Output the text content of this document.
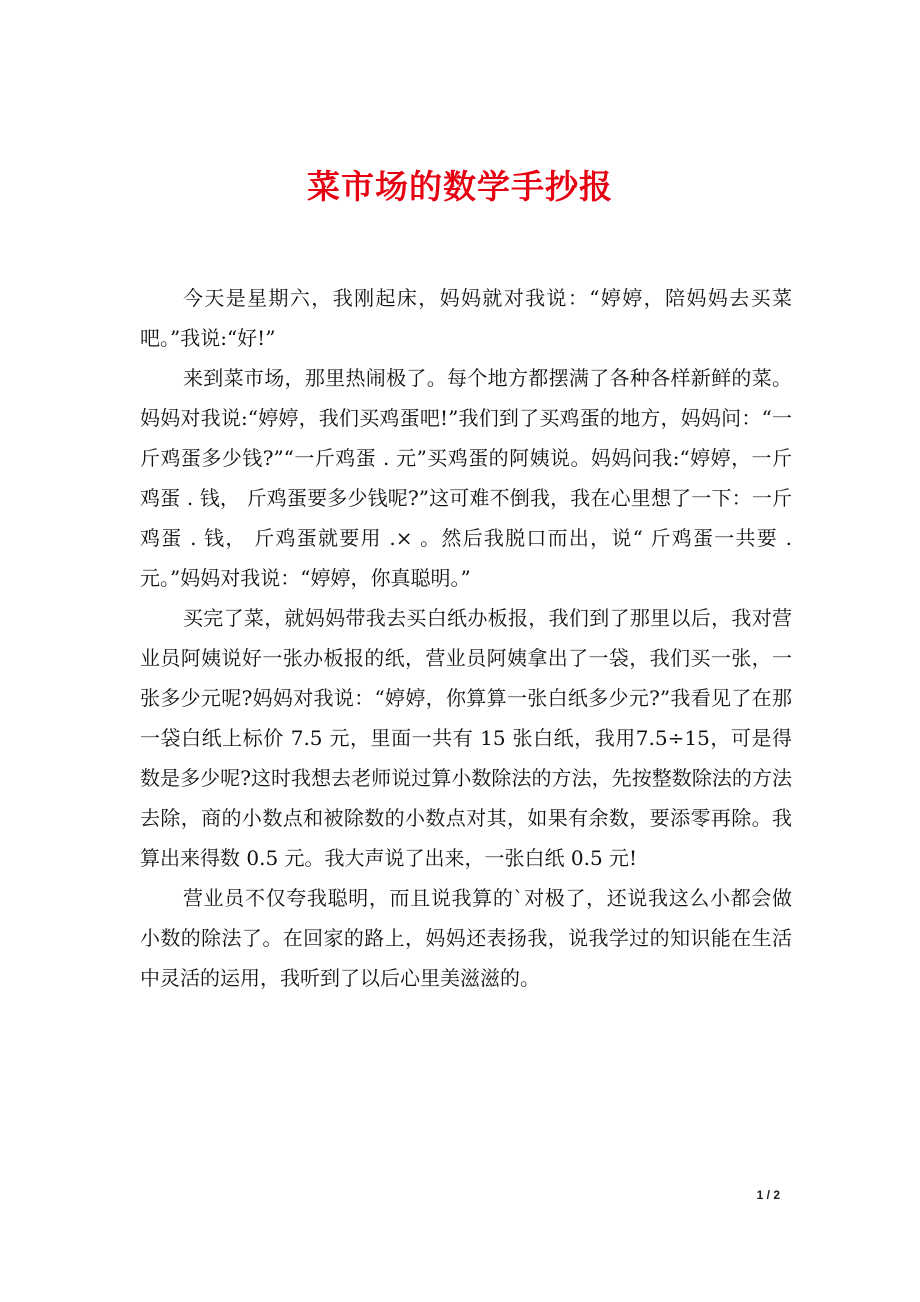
菜市场的数学手抄报

今天是星期六，我刚起床，妈妈就对我说：“婷婷，陪妈妈去买菜吧。”我说:“好!”

来到菜市场，那里热闹极了。每个地方都摆满了各种各样新鲜的菜。妈妈对我说:“婷婷，我们买鸡蛋吧!”我们到了买鸡蛋的地方，妈妈问：“一斤鸡蛋多少钱?”“一斤鸡蛋 . 元”买鸡蛋的阿姨说。妈妈问我:“婷婷，一斤鸡蛋 . 钱， 斤鸡蛋要多少钱呢?”这可难不倒我，我在心里想了一下：一斤鸡蛋 . 钱， 斤鸡蛋就要用 .× 。然后我脱口而出，说“ 斤鸡蛋一共要 . 元。”妈妈对我说：“婷婷，你真聪明。”

买完了菜，就妈妈带我去买白纸办板报，我们到了那里以后，我对营业员阿姨说好一张办板报的纸，营业员阿姨拿出了一袋，我们买一张，一张多少元呢?妈妈对我说：“婷婷，你算算一张白纸多少元?”我看见了在那一袋白纸上标价 7.5 元，里面一共有 15 张白纸，我用7.5÷15，可是得数是多少呢?这时我想去老师说过算小数除法的方法，先按整数除法的方法去除，商的小数点和被除数的小数点对其，如果有余数，要添零再除。我算出来得数 0.5 元。我大声说了出来，一张白纸 0.5 元!

营业员不仅夸我聪明，而且说我算的`对极了，还说我这么小都会做小数的除法了。在回家的路上，妈妈还表扬我，说我学过的知识能在生活中灵活的运用，我听到了以后心里美滋滋的。

1 / 2
